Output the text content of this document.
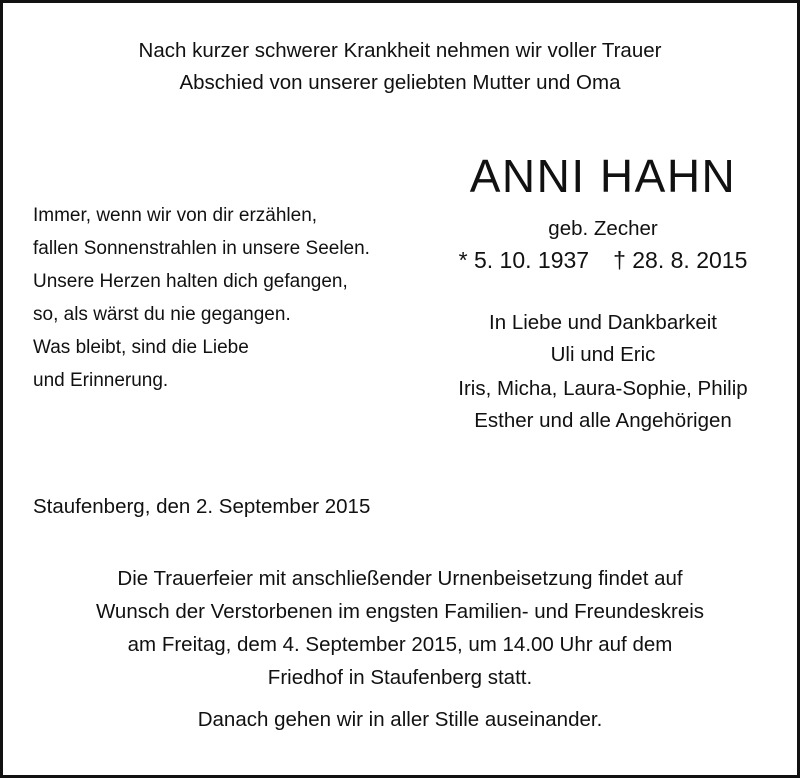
Nach kurzer schwerer Krankheit nehmen wir voller Trauer
Abschied von unserer geliebten Mutter und Oma
ANNI HAHN
geb. Zecher
* 5. 10. 1937 † 28. 8. 2015
Immer, wenn wir von dir erzählen,
fallen Sonnenstrahlen in unsere Seelen.
Unsere Herzen halten dich gefangen,
so, als wärst du nie gegangen.
Was bleibt, sind die Liebe
und Erinnerung.
In Liebe und Dankbarkeit
Uli und Eric
Iris, Micha, Laura-Sophie, Philip
Esther und alle Angehörigen
Staufenberg, den 2. September 2015
Die Trauerfeier mit anschließender Urnenbeisetzung findet auf
Wunsch der Verstorbenen im engsten Familien- und Freundeskreis
am Freitag, dem 4. September 2015, um 14.00 Uhr auf dem
Friedhof in Staufenberg statt.
Danach gehen wir in aller Stille auseinander.
